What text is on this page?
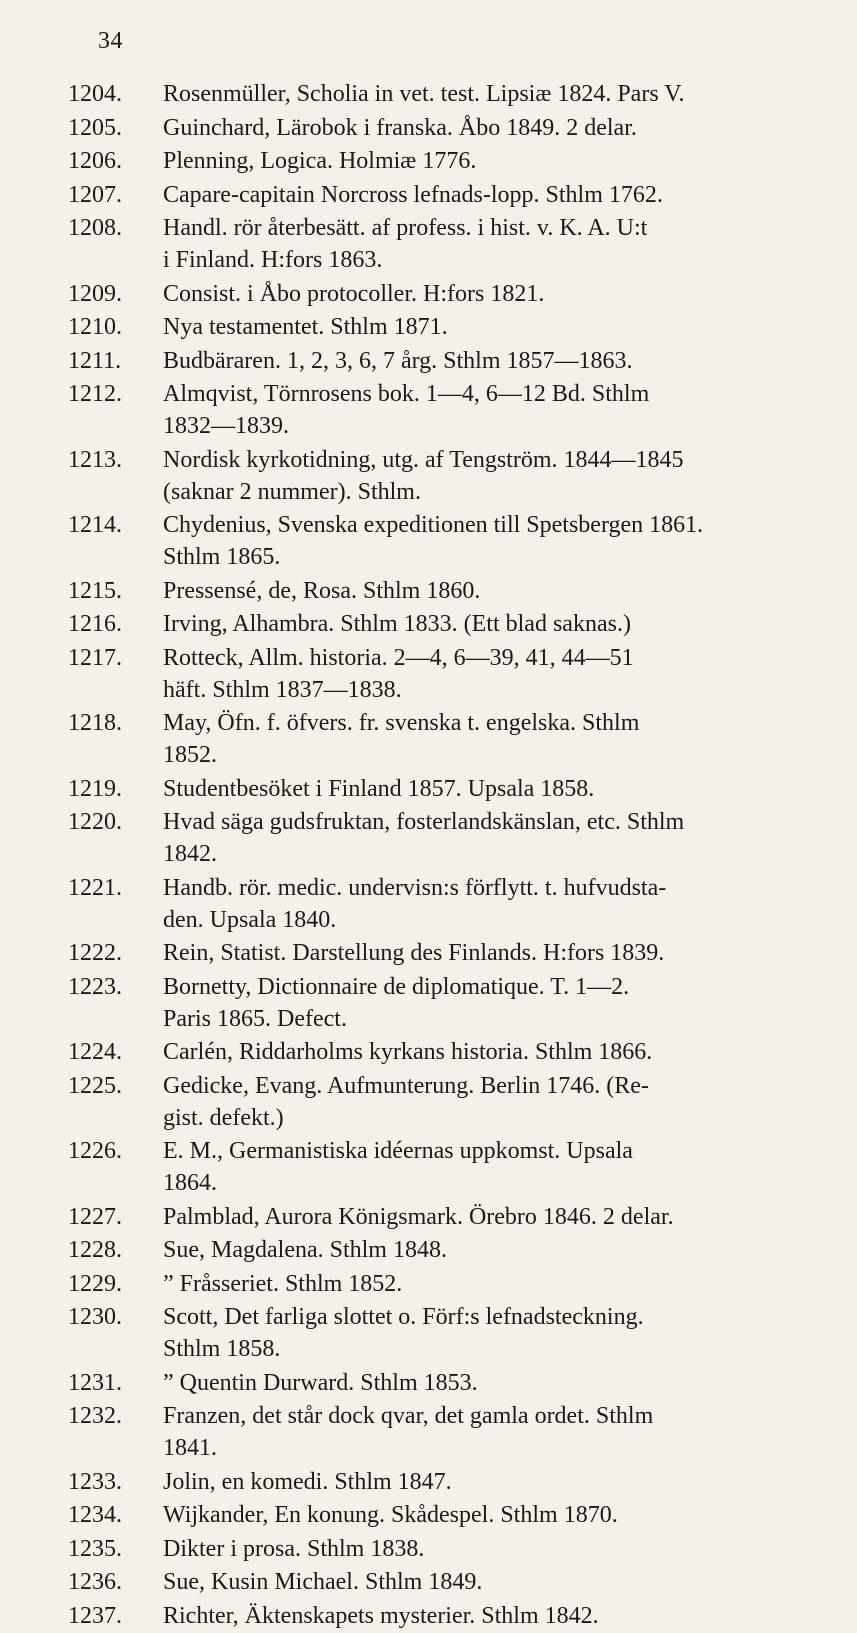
34
1204.	Rosenmüller, Scholia in vet. test. Lipsiæ 1824. Pars V.
1205.	Guinchard, Lärobok i franska. Åbo 1849. 2 delar.
1206.	Plenning, Logica. Holmiæ 1776.
1207.	Capare-capitain Norcross lefnads-lopp. Sthlm 1762.
1208.	Handl. rör återbesätt. af profess. i hist. v. K. A. U:t
i Finland. H:fors 1863.
1209.	Consist. i Åbo protocoller. H:fors 1821.
1210.	Nya testamentet. Sthlm 1871.
1211.	Budbäraren. 1, 2, 3, 6, 7 årg. Sthlm 1857—1863.
1212.	Almqvist, Törnrosens bok. 1—4, 6—12 Bd. Sthlm
1832—1839.
1213.	Nordisk kyrkotidning, utg. af Tengström. 1844—1845
(saknar 2 nummer). Sthlm.
1214.	Chydenius, Svenska expeditionen till Spetsbergen 1861.
Sthlm 1865.
1215.	Pressensé, de, Rosa. Sthlm 1860.
1216.	Irving, Alhambra. Sthlm 1833. (Ett blad saknas.)
1217.	Rotteck, Allm. historia. 2—4, 6—39, 41, 44—51
häft. Sthlm 1837—1838.
1218.	May, Öfn. f. öfvers. fr. svenska t. engelska. Sthlm
1852.
1219.	Studentbesöket i Finland 1857. Upsala 1858.
1220.	Hvad säga gudsfruktan, fosterlandskänslan, etc. Sthlm
1842.
1221.	Handb. rör. medic. undervisn:s förflytt. t. hufvudsta-
den. Upsala 1840.
1222.	Rein, Statist. Darstellung des Finlands. H:fors 1839.
1223.	Bornetty, Dictionnaire de diplomatique. T. 1—2.
Paris 1865. Defect.
1224.	Carlén, Riddarholms kyrkans historia. Sthlm 1866.
1225.	Gedicke, Evang. Aufmunterung. Berlin 1746. (Re-
gist. defekt.)
1226.	E. M., Germanistiska idéernas uppkomst. Upsala
1864.
1227.	Palmblad, Aurora Königsmark. Örebro 1846. 2 delar.
1228.	Sue, Magdalena. Sthlm 1848.
1229.	” Fråsseriet. Sthlm 1852.
1230.	Scott, Det farliga slottet o. Förf:s lefnadsteckning.
Sthlm 1858.
1231.	” Quentin Durward. Sthlm 1853.
1232.	Franzen, det står dock qvar, det gamla ordet. Sthlm
1841.
1233.	Jolin, en komedi. Sthlm 1847.
1234.	Wijkander, En konung. Skådespel. Sthlm 1870.
1235.	Dikter i prosa. Sthlm 1838.
1236.	Sue, Kusin Michael. Sthlm 1849.
1237.	Richter, Äktenskapets mysterier. Sthlm 1842.
